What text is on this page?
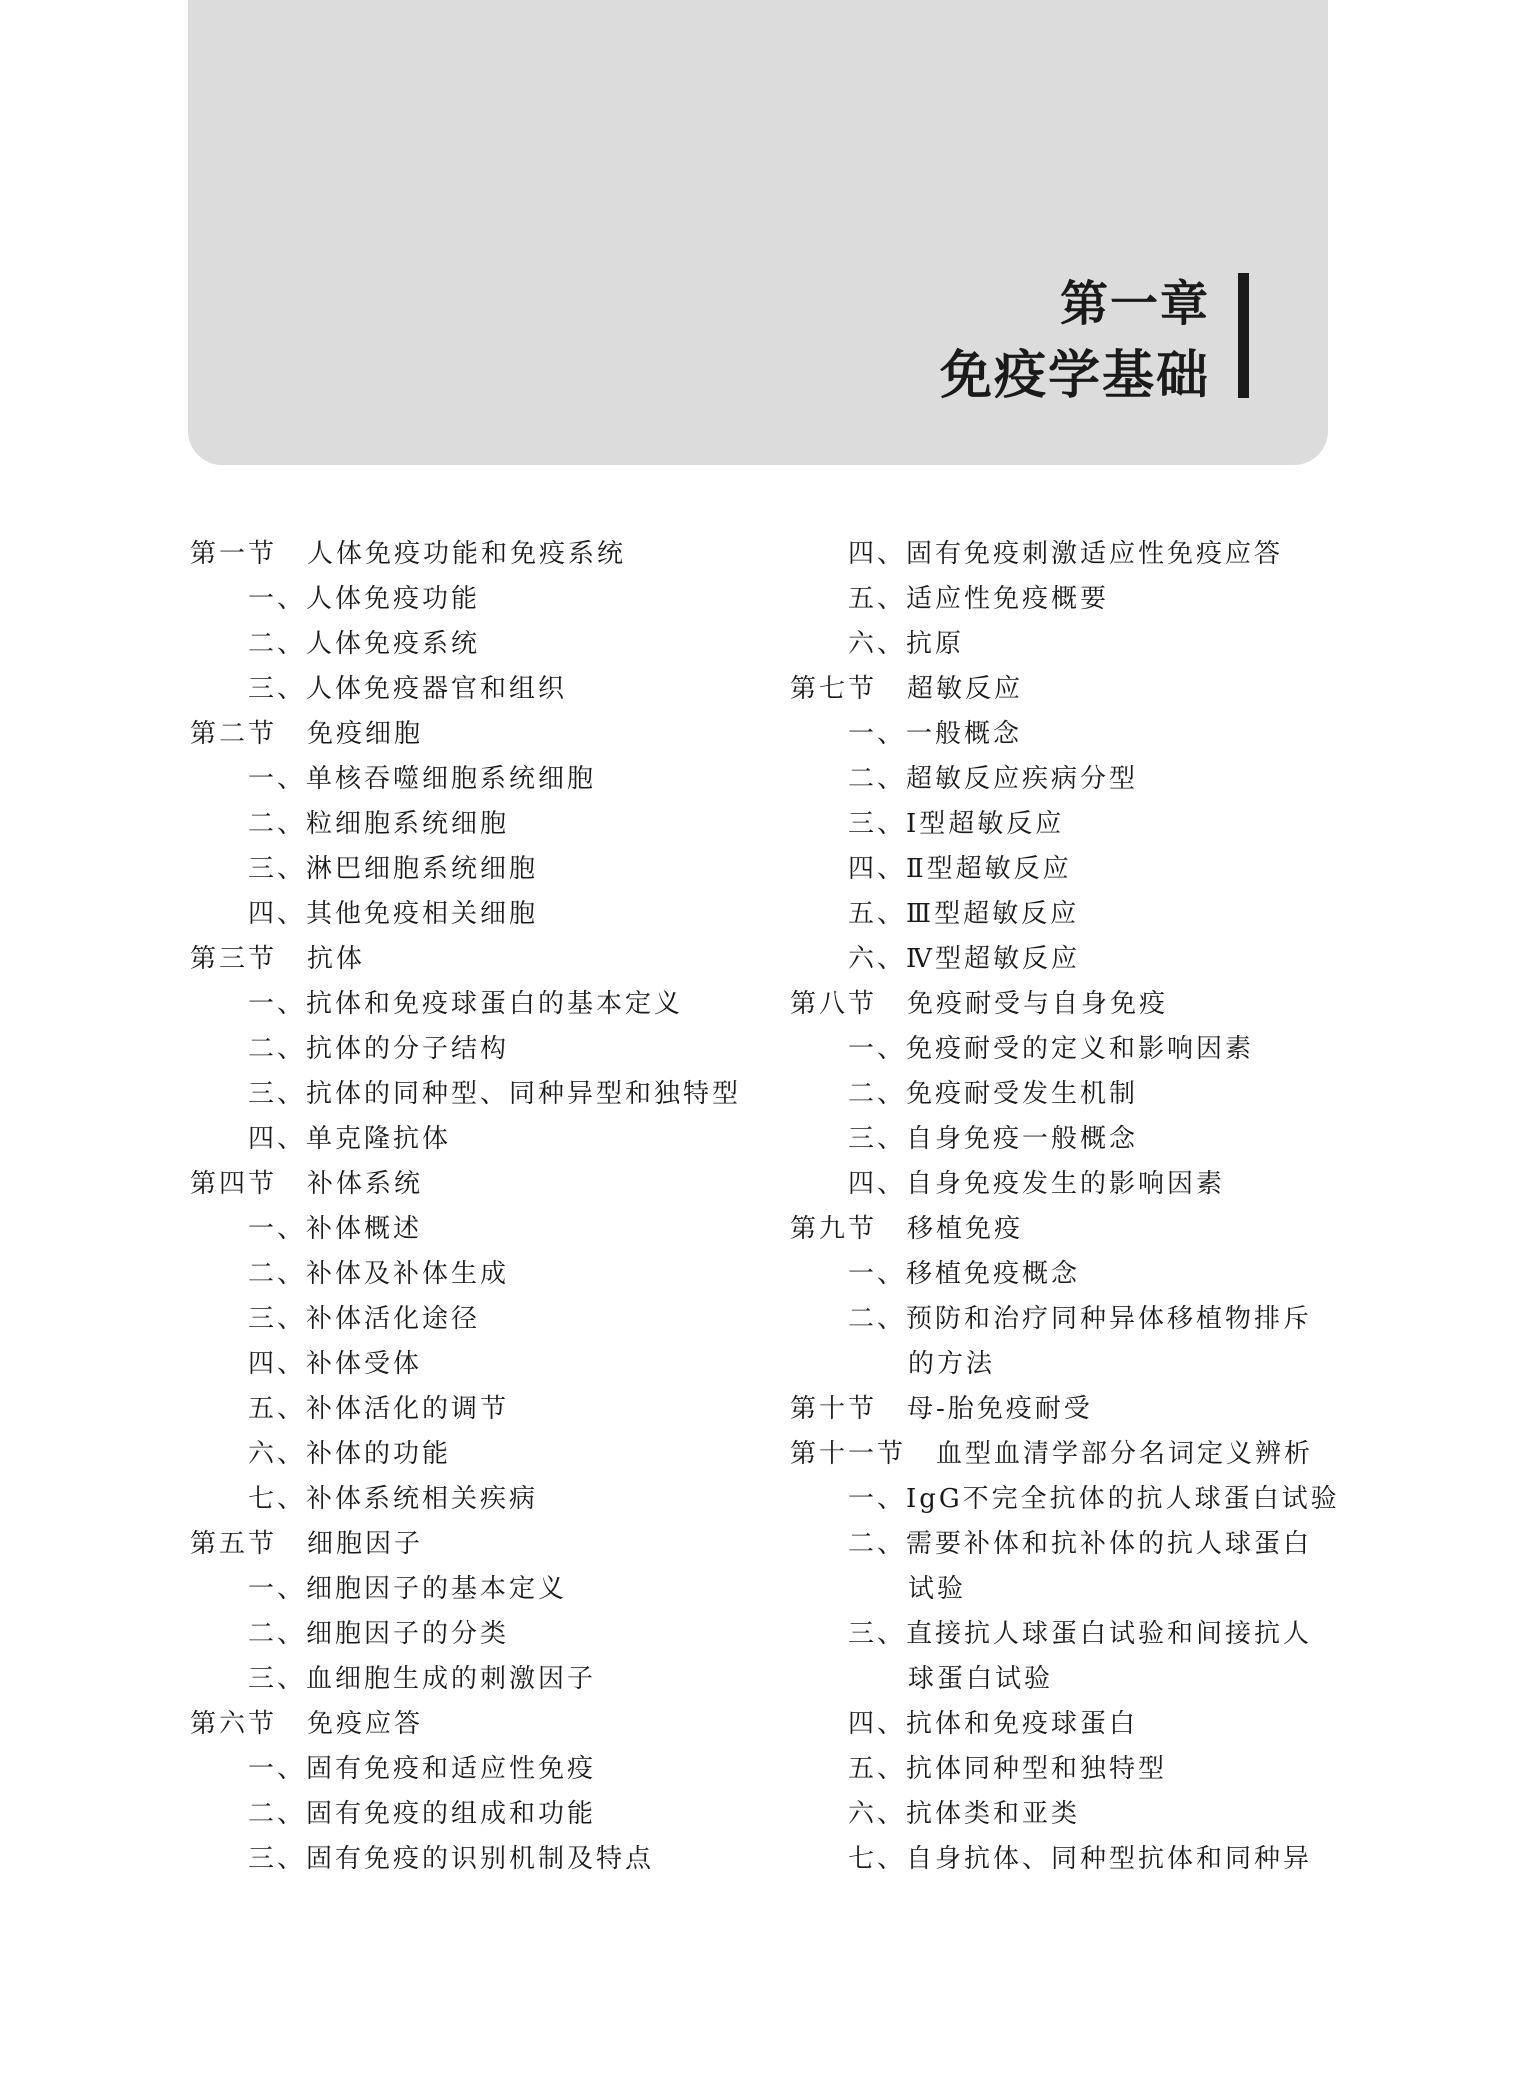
第一章
免疫学基础
第一节 人体免疫功能和免疫系统
一、人体免疫功能
二、人体免疫系统
三、人体免疫器官和组织
第二节 免疫细胞
一、单核吞噬细胞系统细胞
二、粒细胞系统细胞
三、淋巴细胞系统细胞
四、其他免疫相关细胞
第三节 抗体
一、抗体和免疫球蛋白的基本定义
二、抗体的分子结构
三、抗体的同种型、同种异型和独特型
四、单克隆抗体
第四节 补体系统
一、补体概述
二、补体及补体生成
三、补体活化途径
四、补体受体
五、补体活化的调节
六、补体的功能
七、补体系统相关疾病
第五节 细胞因子
一、细胞因子的基本定义
二、细胞因子的分类
三、血细胞生成的刺激因子
第六节 免疫应答
一、固有免疫和适应性免疫
二、固有免疫的组成和功能
三、固有免疫的识别机制及特点
四、固有免疫刺激适应性免疫应答
五、适应性免疫概要
六、抗原
第七节 超敏反应
一、一般概念
二、超敏反应疾病分型
三、Ⅰ型超敏反应
四、Ⅱ型超敏反应
五、Ⅲ型超敏反应
六、Ⅳ型超敏反应
第八节 免疫耐受与自身免疫
一、免疫耐受的定义和影响因素
二、免疫耐受发生机制
三、自身免疫一般概念
四、自身免疫发生的影响因素
第九节 移植免疫
一、移植免疫概念
二、预防和治疗同种异体移植物排斥
的方法
第十节 母-胎免疫耐受
第十一节 血型血清学部分名词定义辨析
一、IgG不完全抗体的抗人球蛋白试验
二、需要补体和抗补体的抗人球蛋白
试验
三、直接抗人球蛋白试验和间接抗人
球蛋白试验
四、抗体和免疫球蛋白
五、抗体同种型和独特型
六、抗体类和亚类
七、自身抗体、同种型抗体和同种异
